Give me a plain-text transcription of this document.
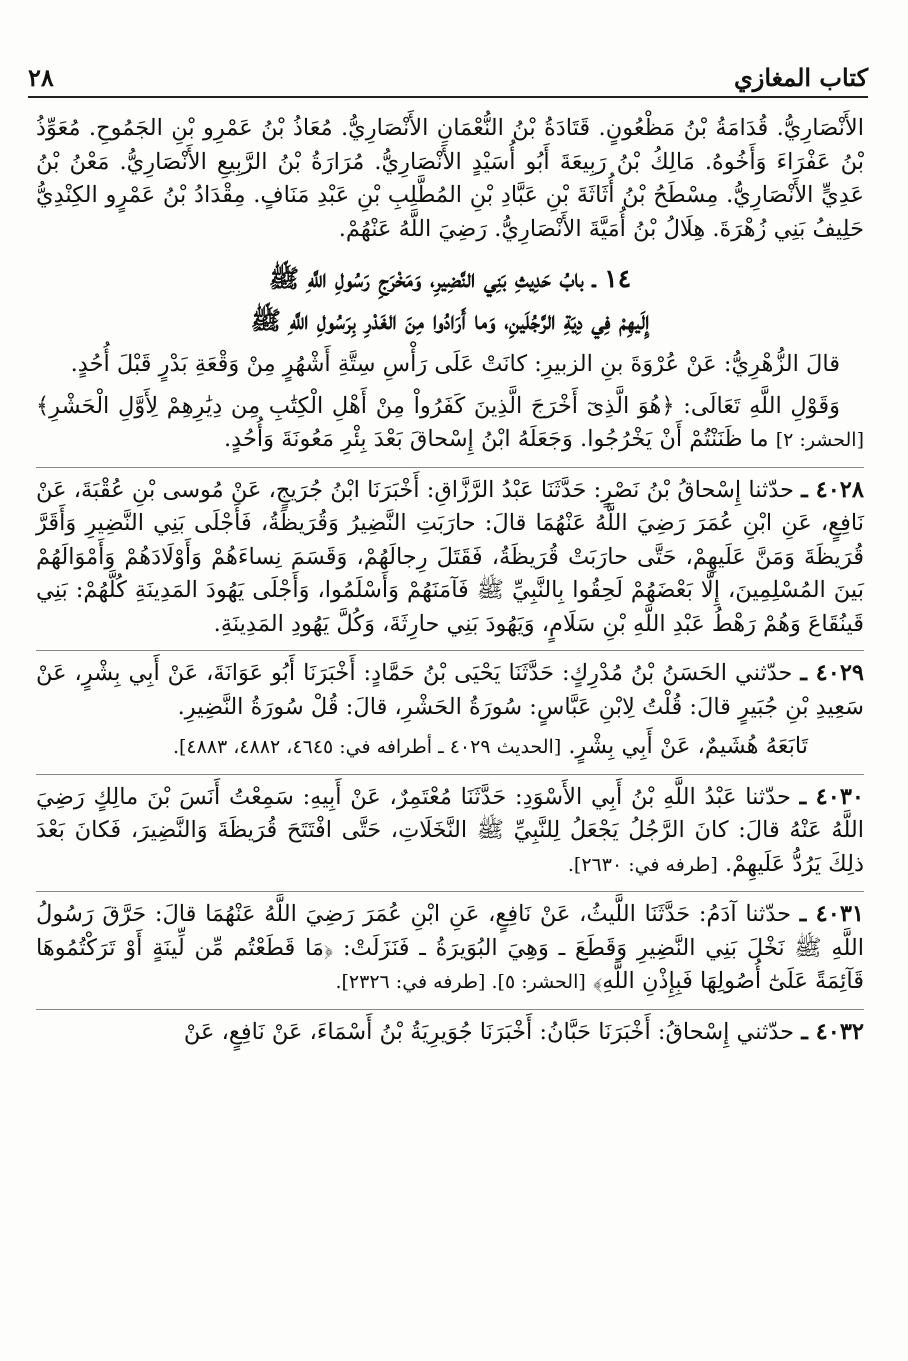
٢٨	كتاب المغازي

الأَنْصَارِيُّ. قُدَامَةُ بْنُ مَظْعُونٍ. قَتَادَةُ بْنُ النُّعْمَانِ الأَنْصَارِيُّ. مُعَاذُ بْنُ عَمْرِو بْنِ الجَمُوحِ. مُعَوِّذُ بْنُ عَفْرَاءَ وَأَخُوهُ. مَالِكُ بْنُ رَبِيعَةَ أَبُو أُسَيْدٍ الأَنْصَارِيُّ. مُرَارَةُ بْنُ الرَّبِيعِ الأَنْصَارِيُّ. مَعْنُ بْنُ عَدِيٍّ الأَنْصَارِيُّ. مِسْطَحُ بْنُ أُثَاثَةَ بْنِ عَبَّادِ بْنِ المُطَّلِبِ بْنِ عَبْدِ مَنَافٍ. مِقْدَادُ بْنُ عَمْرٍو الكِنْدِيُّ حَلِيفُ بَنِي زُهْرَةَ. هِلَالُ بْنُ أُمَيَّةَ الأَنْصَارِيُّ. رَضِيَ اللَّهُ عَنْهُمْ.

١٤ ـ بابُ حَدِيثِ بَنِي النَّضِيرِ، وَمَخْرَجِ رَسُولِ اللَّهِ ﷺ
إِلَيهِمْ فِي دِيَةِ الرَّجُلَينِ، وَما أَرَادُوا مِنَ الغَدْرِ بِرَسُولِ اللَّهِ ﷺ

قالَ الزُّهْرِيُّ: عَنْ عُرْوَةَ بنِ الزبيرِ: كانَتْ عَلَى رَأْسِ سِتَّةِ أَشْهُرٍ مِنْ وَقْعَةِ بَدْرٍ قَبْلَ أُحُدٍ.

وَقَوْلِ اللَّهِ تَعَالَى: ﴿هُوَ الَّذِىٓ أَخْرَجَ الَّذِينَ كَفَرُواْ مِنْ أَهْلِ الْكِتَٰبِ مِن دِيَٰرِهِمْ لِأَوَّلِ الْحَشْرِ﴾ [الحشر: ٢] ما ظَنَنْتُمْ أَنْ يَخْرُجُوا. وَجَعَلَهُ ابْنُ إِسْحاقَ بَعْدَ بِئْرِ مَعُونَةَ وَأُحُدٍ.

٤٠٢٨ ـ حدّثنا إِسْحاقُ بْنُ نَصْرٍ: حَدَّثَنَا عَبْدُ الرَّزَّاقِ: أَخْبَرَنَا ابْنُ جُرَيجٍ، عَنْ مُوسى بْنِ عُقْبَةَ، عَنْ نَافِعٍ، عَنِ ابْنِ عُمَرَ رَضِيَ اللَّهُ عَنْهُمَا قالَ: حارَبَتِ النَّضِيرُ وَقُرَيظَةُ، فَأَجْلَى بَنِي النَّضِيرِ وَأَقَرَّ قُرَيظَةَ وَمَنَّ عَلَيهِمْ، حَتَّى حارَبَتْ قُرَيظَةُ، فَقَتَلَ رِجالَهُمْ، وَقَسَمَ نِساءَهُمْ وَأَوْلَادَهُمْ وَأَمْوَالَهُمْ بَينَ المُسْلِمِينَ، إِلَّا بَعْضَهُمْ لَحِقُوا بِالنَّبِيِّ ﷺ فَآمَنَهُمْ وَأَسْلَمُوا، وَأَجْلَى يَهُودَ المَدِينَةِ كُلَّهُمْ: بَنِي قَينُقَاعَ وَهُمْ رَهْطُ عَبْدِ اللَّهِ بْنِ سَلَامٍ، وَيَهُودَ بَنِي حارِثَةَ، وَكُلَّ يَهُودِ المَدِينَةِ.

٤٠٢٩ ـ حدّثني الحَسَنُ بْنُ مُدْرِكٍ: حَدَّثَنَا يَحْيَى بْنُ حَمَّادٍ: أَخْبَرَنَا أَبُو عَوَانَةَ، عَنْ أَبِي بِشْرٍ، عَنْ سَعِيدِ بْنِ جُبَيرٍ قالَ: قُلْتُ لِابْنِ عَبَّاسٍ: سُورَةُ الحَشْرِ، قالَ: قُلْ سُورَةُ النَّضِيرِ.

تَابَعَهُ هُشَيمٌ، عَنْ أَبِي بِشْرٍ. [الحديث ٤٠٢٩ ـ أطرافه في: ٤٦٤٥، ٤٨٨٢، ٤٨٨٣].

٤٠٣٠ ـ حدّثنا عَبْدُ اللَّهِ بْنُ أَبِي الأَسْوَدِ: حَدَّثَنَا مُعْتَمِرٌ، عَنْ أَبِيهِ: سَمِعْتُ أَنَسَ بْنَ مالِكٍ رَضِيَ اللَّهُ عَنْهُ قالَ: كانَ الرَّجُلُ يَجْعَلُ لِلنَّبِيِّ ﷺ النَّخَلَاتِ، حَتَّى افْتَتَحَ قُرَيظَةَ وَالنَّضِيرَ، فَكانَ بَعْدَ ذلِكَ يَرُدُّ عَلَيهِمْ. [طرفه في: ٢٦٣٠].

٤٠٣١ ـ حدّثنا آدَمُ: حَدَّثَنَا اللَّيثُ، عَنْ نَافِعٍ، عَنِ ابْنِ عُمَرَ رَضِيَ اللَّهُ عَنْهُمَا قالَ: حَرَّقَ رَسُولُ اللَّهِ ﷺ نَخْلَ بَنِي النَّضِيرِ وَقَطَعَ ـ وَهِيَ البُوَيرَةُ ـ فَنَزَلَتْ: ﴿مَا قَطَعْتُم مِّن لِّينَةٍ أَوْ تَرَكْتُمُوهَا قَآئِمَةً عَلَىٰٓ أُصُولِهَا فَبِإِذْنِ اللَّهِ﴾ [الحشر: ٥]. [طرفه في: ٢٣٢٦].

٤٠٣٢ ـ حدّثني إِسْحاقُ: أَخْبَرَنَا حَبَّانُ: أَخْبَرَنَا جُوَيرِيَةُ بْنُ أَسْمَاءَ، عَنْ نَافِعٍ، عَنْ
